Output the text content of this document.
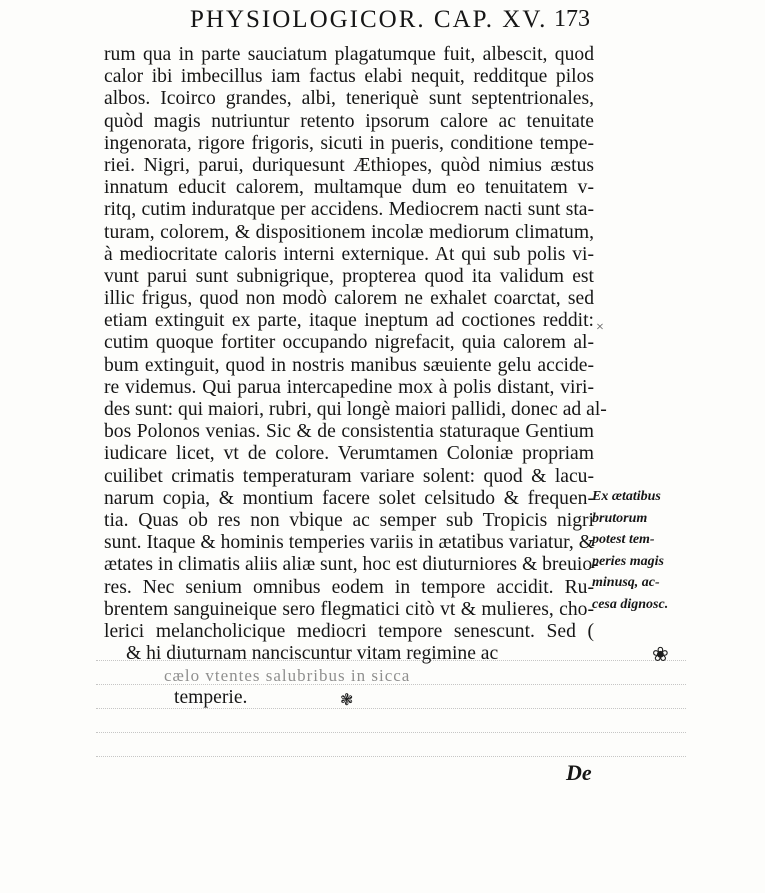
PHYSIOLOGICOR. CAP. XV. 173
rum qua in parte sauciatum plagatumque fuit, albescit, quod
calor ibi imbecillus iam factus elabi nequit, redditque pilos
albos. Icoirco grandes, albi, teneriquè sunt septentrionales,
quòd magis nutriuntur retento ipsorum calore ac tenuitate
ingenorata, rigore frigoris, sicuti in pueris, conditione tempe-
riei. Nigri, parui, duriquesunt Æthiopes, quòd nimius æstus
innatum educit calorem, multamque dum eo tenuitatem v-
ritq, cutim induratque per accidens. Mediocrem nacti sunt sta-
turam, colorem, & dispositionem incolæ mediorum climatum,
à mediocritate caloris interni externique. At qui sub polis vi-
vunt parui sunt subnigrique, propterea quod ita validum est
illic frigus, quod non modò calorem ne exhalet coarctat, sed
etiam extinguit ex parte, itaque ineptum ad coctiones reddit:
cutim quoque fortiter occupando nigrefacit, quia calorem al-
bum extinguit, quod in nostris manibus sæuiente gelu accide-
re videmus. Qui parua intercapedine mox à polis distant, viri-
des sunt: qui maiori, rubri, qui longè maiori pallidi, donec ad al-
bos Polonos venias. Sic & de consistentia staturaque Gentium
iudicare licet, vt de colore. Verumtamen Coloniæ propriam
cuilibet crimatis temperaturam variare solent: quod & lacu-
narum copia, & montium facere solet celsitudo & frequen-
tia. Quas ob res non vbique ac semper sub Tropicis nigri
sunt. Itaque & hominis temperies variis in ætatibus variatur, &
ætates in climatis aliis aliæ sunt, hoc est diuturniores & breuio-
res. Nec senium omnibus eodem in tempore accidit. Ru-
brentem sanguineique sero flegmatici citò vt & mulieres, cho-
lerici melancholicique mediocri tempore senescunt. Sed (
& hi diuturnam nanciscuntur vitam regimine ac
cælo vtentes salubribus in sicca
temperie.
Ex ætatibus
brutorum
potest tem-
peries magis
minusq, ac-
cesa dignosc.
×
❀
❃
De
